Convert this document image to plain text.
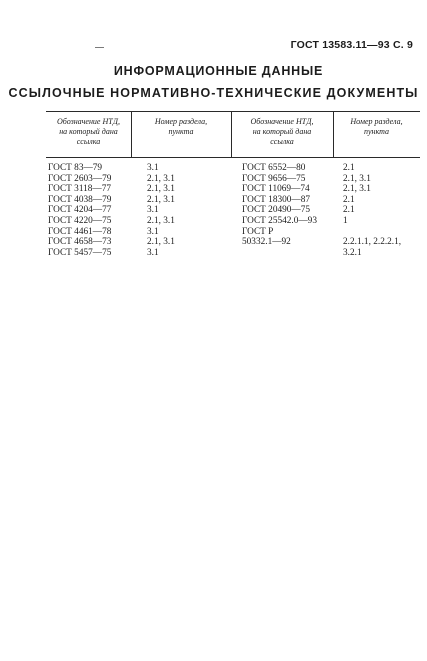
ГОСТ 13583.11—93 С. 9
ИНФОРМАЦИОННЫЕ ДАННЫЕ
ССЫЛОЧНЫЕ НОРМАТИВНО-ТЕХНИЧЕСКИЕ ДОКУМЕНТЫ
Обозначение НТД,
на который дана
ссылка
Номер раздела,
пункта
Обозначение НТД,
на который дана
ссылка
Номер раздела,
пункта
ГОСТ 83—79
ГОСТ 2603—79
ГОСТ 3118—77
ГОСТ 4038—79
ГОСТ 4204—77
ГОСТ 4220—75
ГОСТ 4461—78
ГОСТ 4658—73
ГОСТ 5457—75
3.1
2.1, 3.1
2.1, 3.1
2.1, 3.1
3.1
2.1, 3.1
3.1
2.1, 3.1
3.1
ГОСТ 6552—80
ГОСТ 9656—75
ГОСТ 11069—74
ГОСТ 18300—87
ГОСТ 20490—75
ГОСТ 25542.0—93
ГОСТ Р
50332.1—92
2.1
2.1, 3.1
2.1, 3.1
2.1
2.1
1
2.2.1.1, 2.2.2.1,
3.2.1
